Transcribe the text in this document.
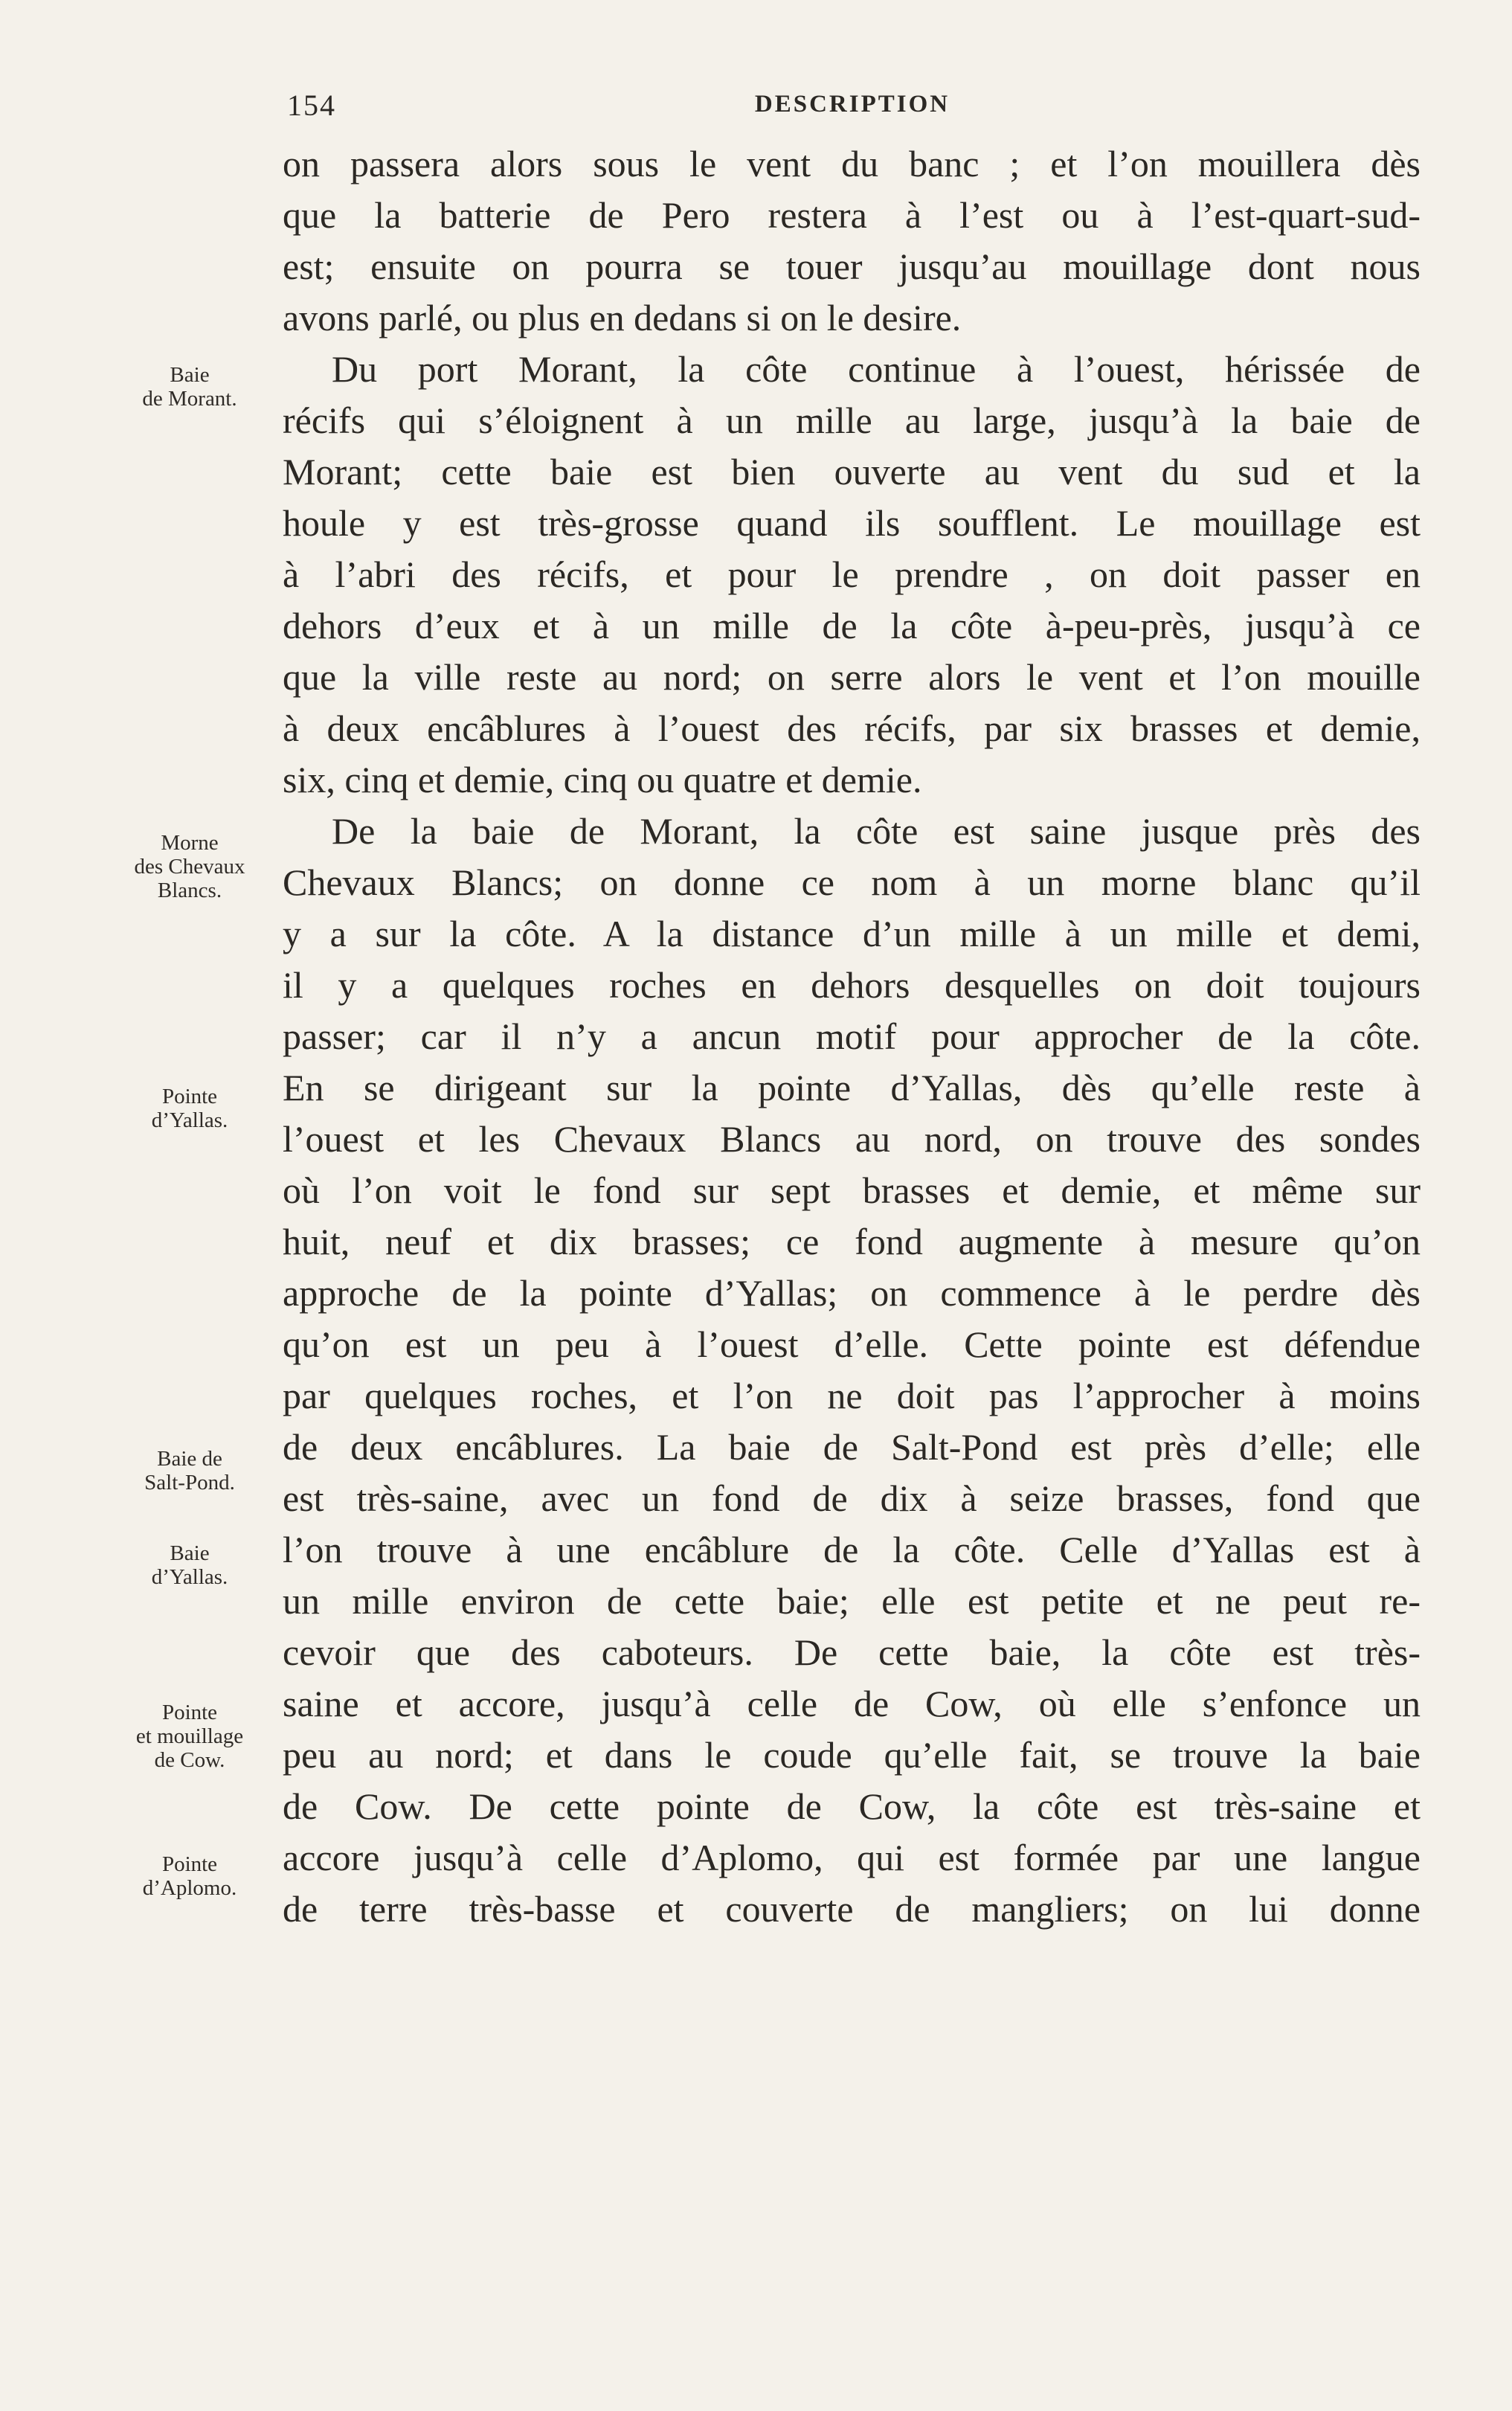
154	DESCRIPTION
on passera alors sous le vent du banc ; et l’on mouillera dès
que la batterie de Pero restera à l’est ou à l’est-quart-sud-
est; ensuite on pourra se touer jusqu’au mouillage dont nous
avons parlé, ou plus en dedans si on le desire.
Du port Morant, la côte continue à l’ouest, hérissée de
récifs qui s’éloignent à un mille au large, jusqu’à la baie de
Morant; cette baie est bien ouverte au vent du sud et la
houle y est très-grosse quand ils soufflent. Le mouillage est
à l’abri des récifs, et pour le prendre , on doit passer en
dehors d’eux et à un mille de la côte à-peu-près, jusqu’à ce
que la ville reste au nord; on serre alors le vent et l’on mouille
à deux encâblures à l’ouest des récifs, par six brasses et demie,
six, cinq et demie, cinq ou quatre et demie.
De la baie de Morant, la côte est saine jusque près des
Chevaux Blancs; on donne ce nom à un morne blanc qu’il
y a sur la côte. A la distance d’un mille à un mille et demi,
il y a quelques roches en dehors desquelles on doit toujours
passer; car il n’y a ancun motif pour approcher de la côte.
En se dirigeant sur la pointe d’Yallas, dès qu’elle reste à
l’ouest et les Chevaux Blancs au nord, on trouve des sondes
où l’on voit le fond sur sept brasses et demie, et même sur
huit, neuf et dix brasses; ce fond augmente à mesure qu’on
approche de la pointe d’Yallas; on commence à le perdre dès
qu’on est un peu à l’ouest d’elle. Cette pointe est défendue
par quelques roches, et l’on ne doit pas l’approcher à moins
de deux encâblures. La baie de Salt-Pond est près d’elle; elle
est très-saine, avec un fond de dix à seize brasses, fond que
l’on trouve à une encâblure de la côte. Celle d’Yallas est à
un mille environ de cette baie; elle est petite et ne peut re-
cevoir que des caboteurs. De cette baie, la côte est très-
saine et accore, jusqu’à celle de Cow, où elle s’enfonce un
peu au nord; et dans le coude qu’elle fait, se trouve la baie
de Cow. De cette pointe de Cow, la côte est très-saine et
accore jusqu’à celle d’Aplomo, qui est formée par une langue
de terre très-basse et couverte de mangliers; on lui donne
Baie
de Morant.
Morne
des Chevaux
Blancs.
Pointe
d’Yallas.
Baie de
Salt-Pond.
Baie
d’Yallas.
Pointe
et mouillage
de Cow.
Pointe
d’Aplomo.
